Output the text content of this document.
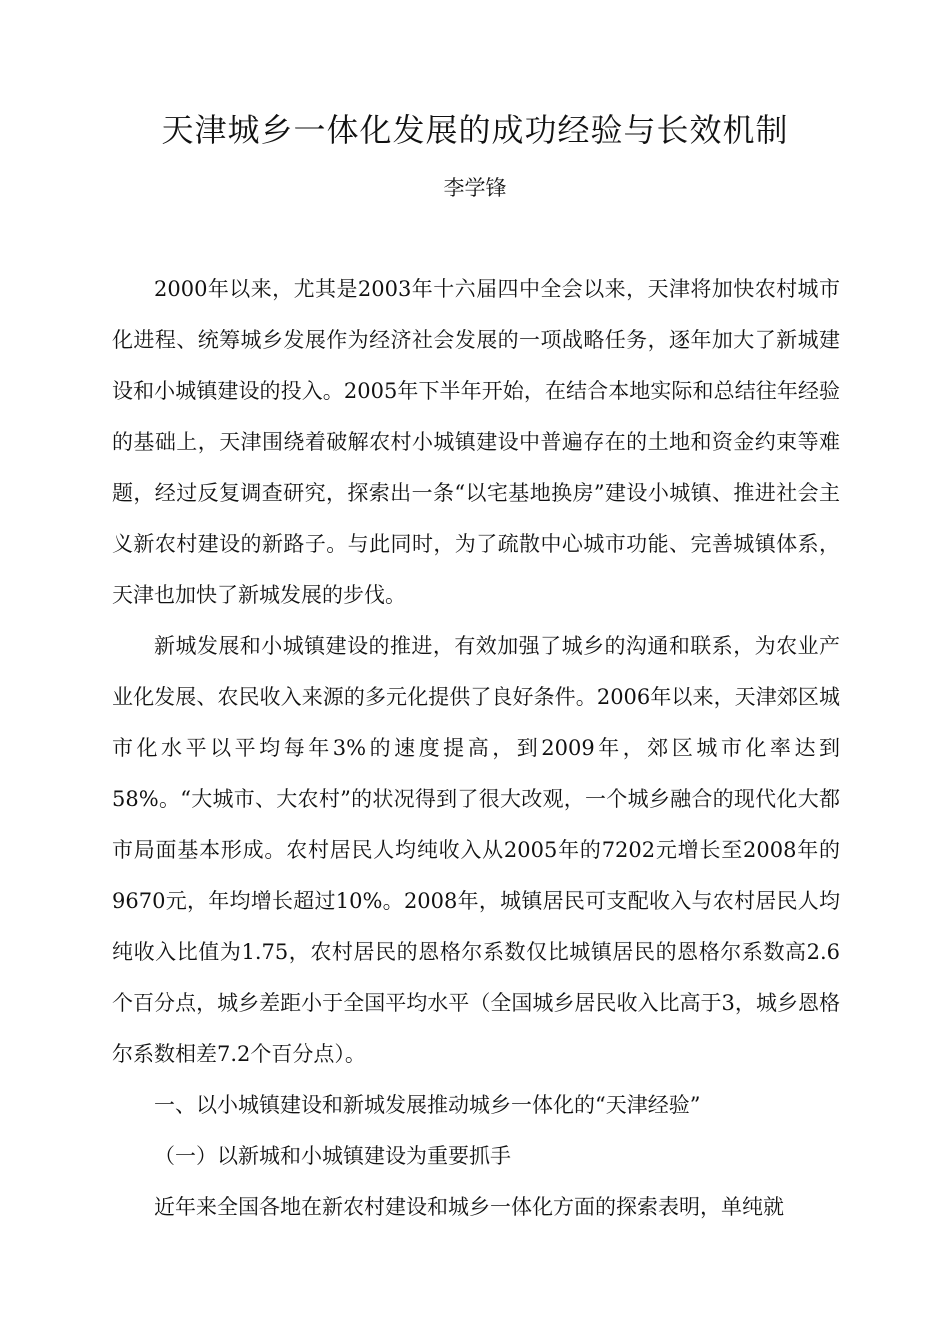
天津城乡一体化发展的成功经验与长效机制
李学锋

2000年以来，尤其是2003年十六届四中全会以来，天津将加快农村城市化进程、统筹城乡发展作为经济社会发展的一项战略任务，逐年加大了新城建设和小城镇建设的投入。2005年下半年开始，在结合本地实际和总结往年经验的基础上，天津围绕着破解农村小城镇建设中普遍存在的土地和资金约束等难题，经过反复调查研究，探索出一条“以宅基地换房”建设小城镇、推进社会主义新农村建设的新路子。与此同时，为了疏散中心城市功能、完善城镇体系，天津也加快了新城发展的步伐。

新城发展和小城镇建设的推进，有效加强了城乡的沟通和联系，为农业产业化发展、农民收入来源的多元化提供了良好条件。2006年以来，天津郊区城市化水平以平均每年3%的速度提高，到2009年，郊区城市化率达到58%。“大城市、大农村”的状况得到了很大改观，一个城乡融合的现代化大都市局面基本形成。农村居民人均纯收入从2005年的7202元增长至2008年的9670元，年均增长超过10%。2008年，城镇居民可支配收入与农村居民人均纯收入比值为1.75，农村居民的恩格尔系数仅比城镇居民的恩格尔系数高2.6个百分点，城乡差距小于全国平均水平（全国城乡居民收入比高于3，城乡恩格尔系数相差7.2个百分点）。

一、以小城镇建设和新城发展推动城乡一体化的“天津经验”

（一）以新城和小城镇建设为重要抓手

近年来全国各地在新农村建设和城乡一体化方面的探索表明，单纯就
